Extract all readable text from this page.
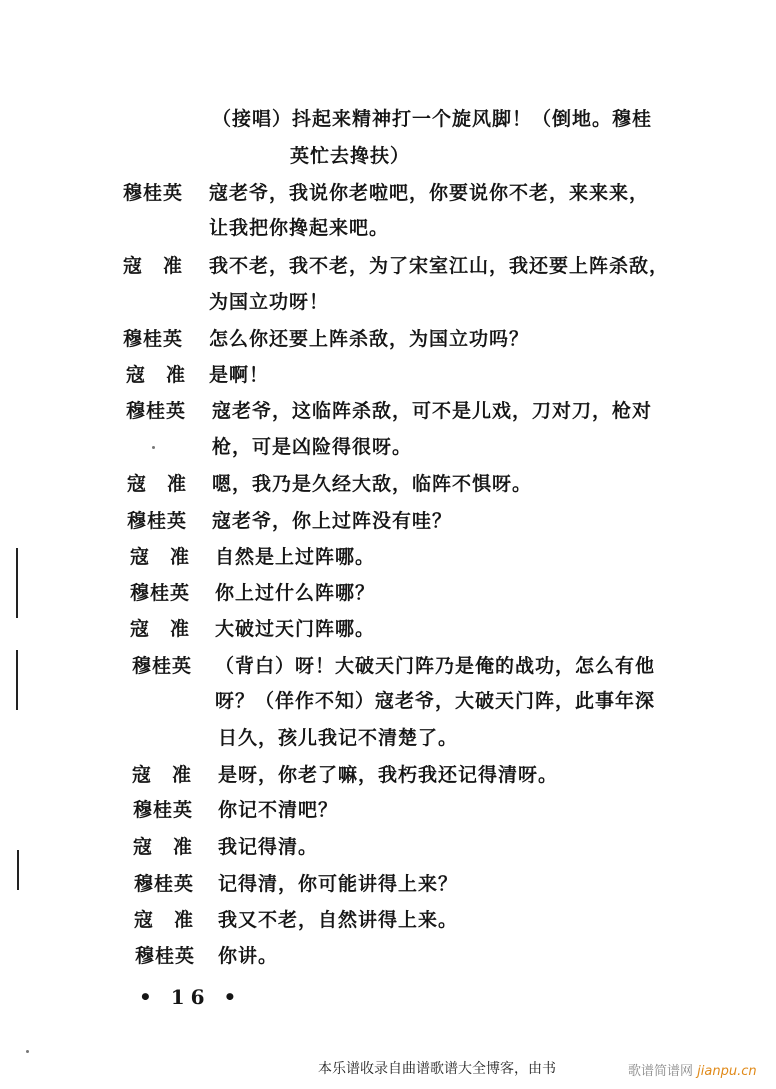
（接唱）抖起来精神打一个旋风脚！（倒地。穆桂
英忙去搀扶）
穆桂英 寇老爷，我说你老啦吧，你要说你不老，来来来，
让我把你搀起来吧。
寇　准 我不老，我不老，为了宋室江山，我还要上阵杀敌，
为国立功呀！
穆桂英 怎么你还要上阵杀敌，为国立功吗？
寇　准 是啊！
穆桂英 寇老爷，这临阵杀敌，可不是儿戏，刀对刀，枪对
枪，可是凶险得很呀。
寇　准 嗯，我乃是久经大敌，临阵不惧呀。
穆桂英 寇老爷，你上过阵没有哇？
寇　准 自然是上过阵哪。
穆桂英 你上过什么阵哪？
寇　准 大破过天门阵哪。
穆桂英 （背白）呀！大破天门阵乃是俺的战功，怎么有他
呀？（佯作不知）寇老爷，大破天门阵，此事年深
日久，孩儿我记不清楚了。
寇　准 是呀，你老了嘛，我朽我还记得清呀。
穆桂英 你记不清吧？
寇　准 我记得清。
穆桂英 记得清，你可能讲得上来？
寇　准 我又不老，自然讲得上来。
穆桂英 你讲。
• 16 •
本乐谱收录自曲谱歌谱大全博客，由书	歌谱简谱网 jianpu.cn
